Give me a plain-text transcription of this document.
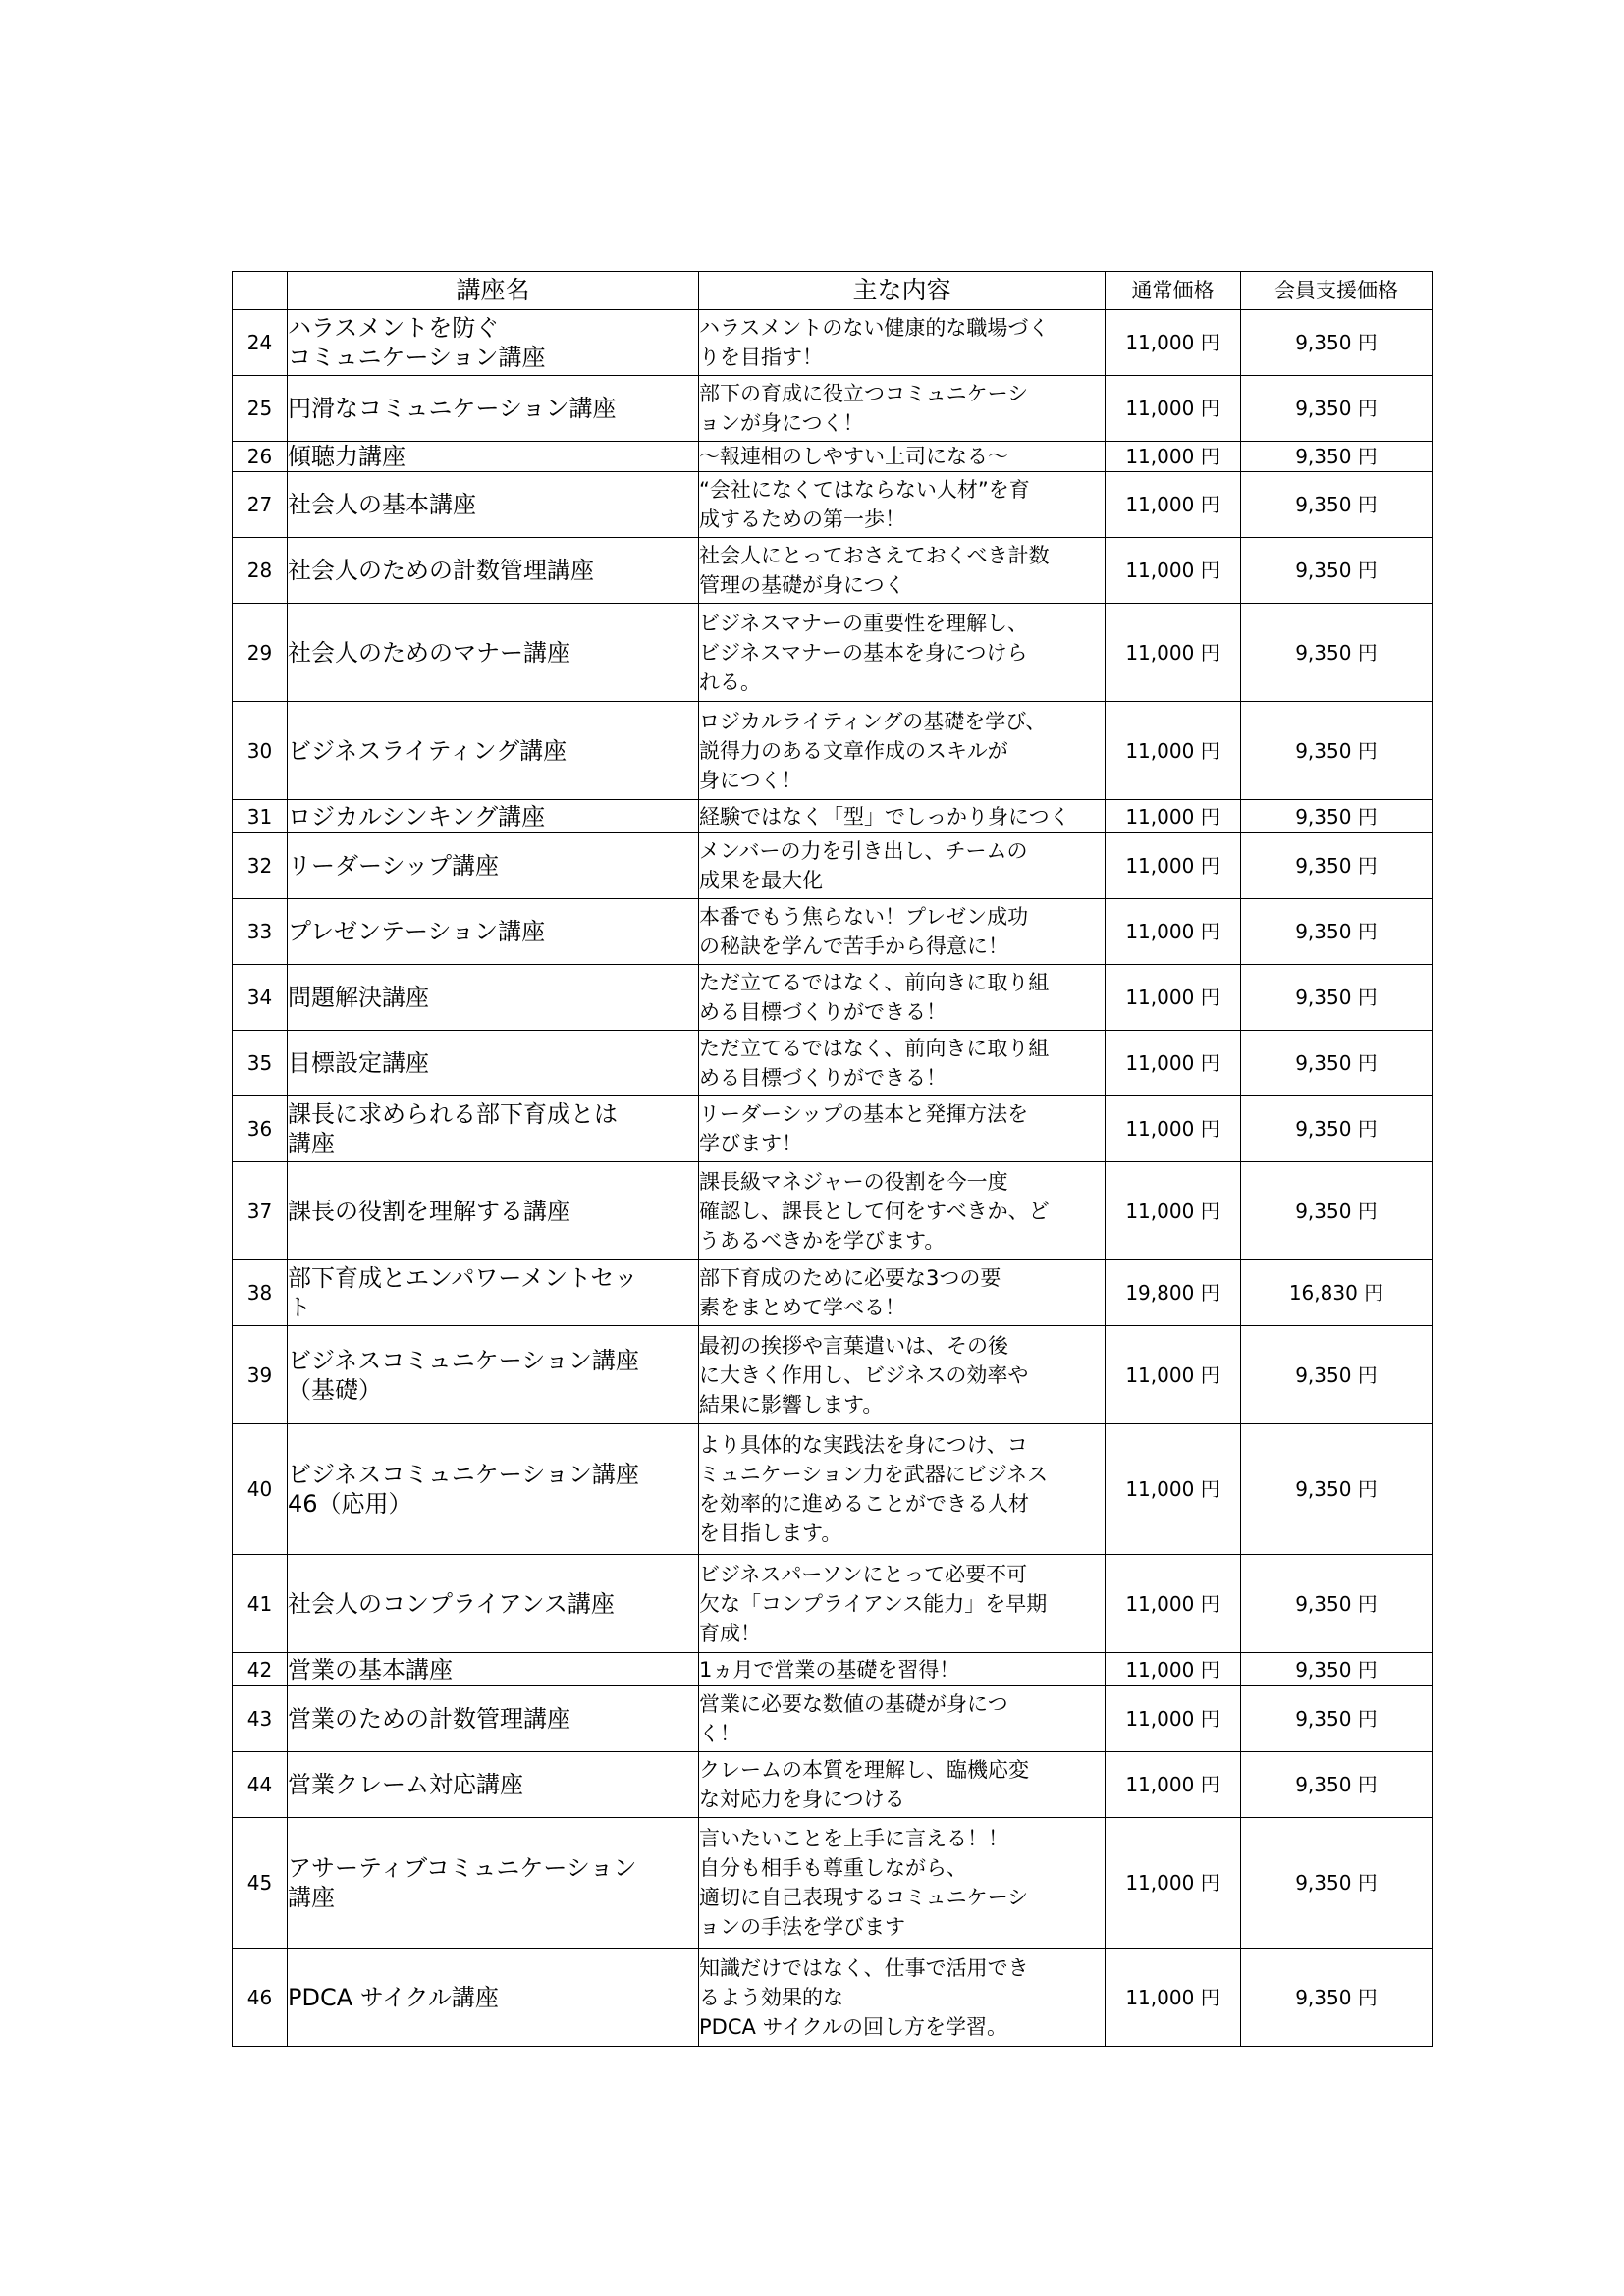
	講座名	主な内容	通常価格	会員支援価格
24	ハラスメントを防ぐ
コミュニケーション講座	ハラスメントのない健康的な職場づく
りを目指す！	11,000 円	9,350 円
25	円滑なコミュニケーション講座	部下の育成に役立つコミュニケーシ
ョンが身につく！	11,000 円	9,350 円
26	傾聴力講座	～報連相のしやすい上司になる～	11,000 円	9,350 円
27	社会人の基本講座	“会社になくてはならない人材”を育
成するための第一歩！	11,000 円	9,350 円
28	社会人のための計数管理講座	社会人にとっておさえておくべき計数
管理の基礎が身につく	11,000 円	9,350 円
29	社会人のためのマナー講座	ビジネスマナーの重要性を理解し、
ビジネスマナーの基本を身につけら
れる。	11,000 円	9,350 円
30	ビジネスライティング講座	ロジカルライティングの基礎を学び、
説得力のある文章作成のスキルが
身につく！	11,000 円	9,350 円
31	ロジカルシンキング講座	経験ではなく「型」でしっかり身につく	11,000 円	9,350 円
32	リーダーシップ講座	メンバーの力を引き出し、チームの
成果を最大化	11,000 円	9,350 円
33	プレゼンテーション講座	本番でもう焦らない！プレゼン成功
の秘訣を学んで苦手から得意に！	11,000 円	9,350 円
34	問題解決講座	ただ立てるではなく、前向きに取り組
める目標づくりができる！	11,000 円	9,350 円
35	目標設定講座	ただ立てるではなく、前向きに取り組
める目標づくりができる！	11,000 円	9,350 円
36	課長に求められる部下育成とは
講座	リーダーシップの基本と発揮方法を
学びます！	11,000 円	9,350 円
37	課長の役割を理解する講座	課長級マネジャーの役割を今一度
確認し、課長として何をすべきか、ど
うあるべきかを学びます。	11,000 円	9,350 円
38	部下育成とエンパワーメントセッ
ト	部下育成のために必要な3つの要
素をまとめて学べる！	19,800 円	16,830 円
39	ビジネスコミュニケーション講座
（基礎）	最初の挨拶や言葉遣いは、その後
に大きく作用し、ビジネスの効率や
結果に影響します。	11,000 円	9,350 円
40	ビジネスコミュニケーション講座
46（応用）	より具体的な実践法を身につけ、コ
ミュニケーション力を武器にビジネス
を効率的に進めることができる人材
を目指します。	11,000 円	9,350 円
41	社会人のコンプライアンス講座	ビジネスパーソンにとって必要不可
欠な「コンプライアンス能力」を早期
育成！	11,000 円	9,350 円
42	営業の基本講座	1ヵ月で営業の基礎を習得！	11,000 円	9,350 円
43	営業のための計数管理講座	営業に必要な数値の基礎が身につ
く！	11,000 円	9,350 円
44	営業クレーム対応講座	クレームの本質を理解し、臨機応変
な対応力を身につける	11,000 円	9,350 円
45	アサーティブコミュニケーション
講座	言いたいことを上手に言える！！
自分も相手も尊重しながら、
適切に自己表現するコミュニケーシ
ョンの手法を学びます	11,000 円	9,350 円
46	PDCA サイクル講座	知識だけではなく、仕事で活用でき
るよう効果的な
PDCA サイクルの回し方を学習。	11,000 円	9,350 円
